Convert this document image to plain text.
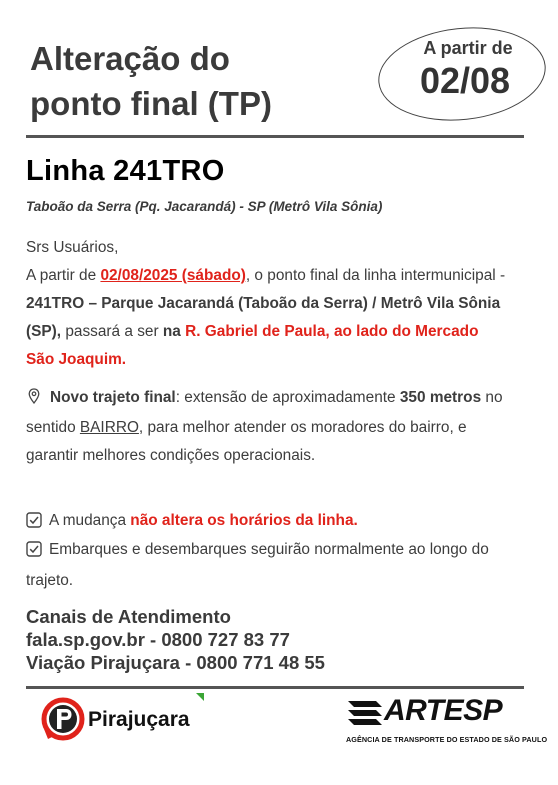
Alteração do
ponto final (TP)
A partir de
02/08
Linha 241TRO
Taboão da Serra (Pq. Jacarandá) - SP (Metrô Vila Sônia)
Srs Usuários,
A partir de 02/08/2025 (sábado), o ponto final da linha intermunicipal - 241TRO – Parque Jacarandá (Taboão da Serra) / Metrô Vila Sônia (SP), passará a ser na R. Gabriel de Paula, ao lado do Mercado São Joaquim.
Novo trajeto final: extensão de aproximadamente 350 metros no sentido BAIRRO, para melhor atender os moradores do bairro, e garantir melhores condições operacionais.
A mudança não altera os horários da linha.
Embarques e desembarques seguirão normalmente ao longo do trajeto.
Canais de Atendimento
fala.sp.gov.br - 0800 727 83 77
Viação Pirajuçara - 0800 771 48 55
Pirajuçara	ARTESP
AGÊNCIA DE TRANSPORTE DO ESTADO DE SÃO PAULO
